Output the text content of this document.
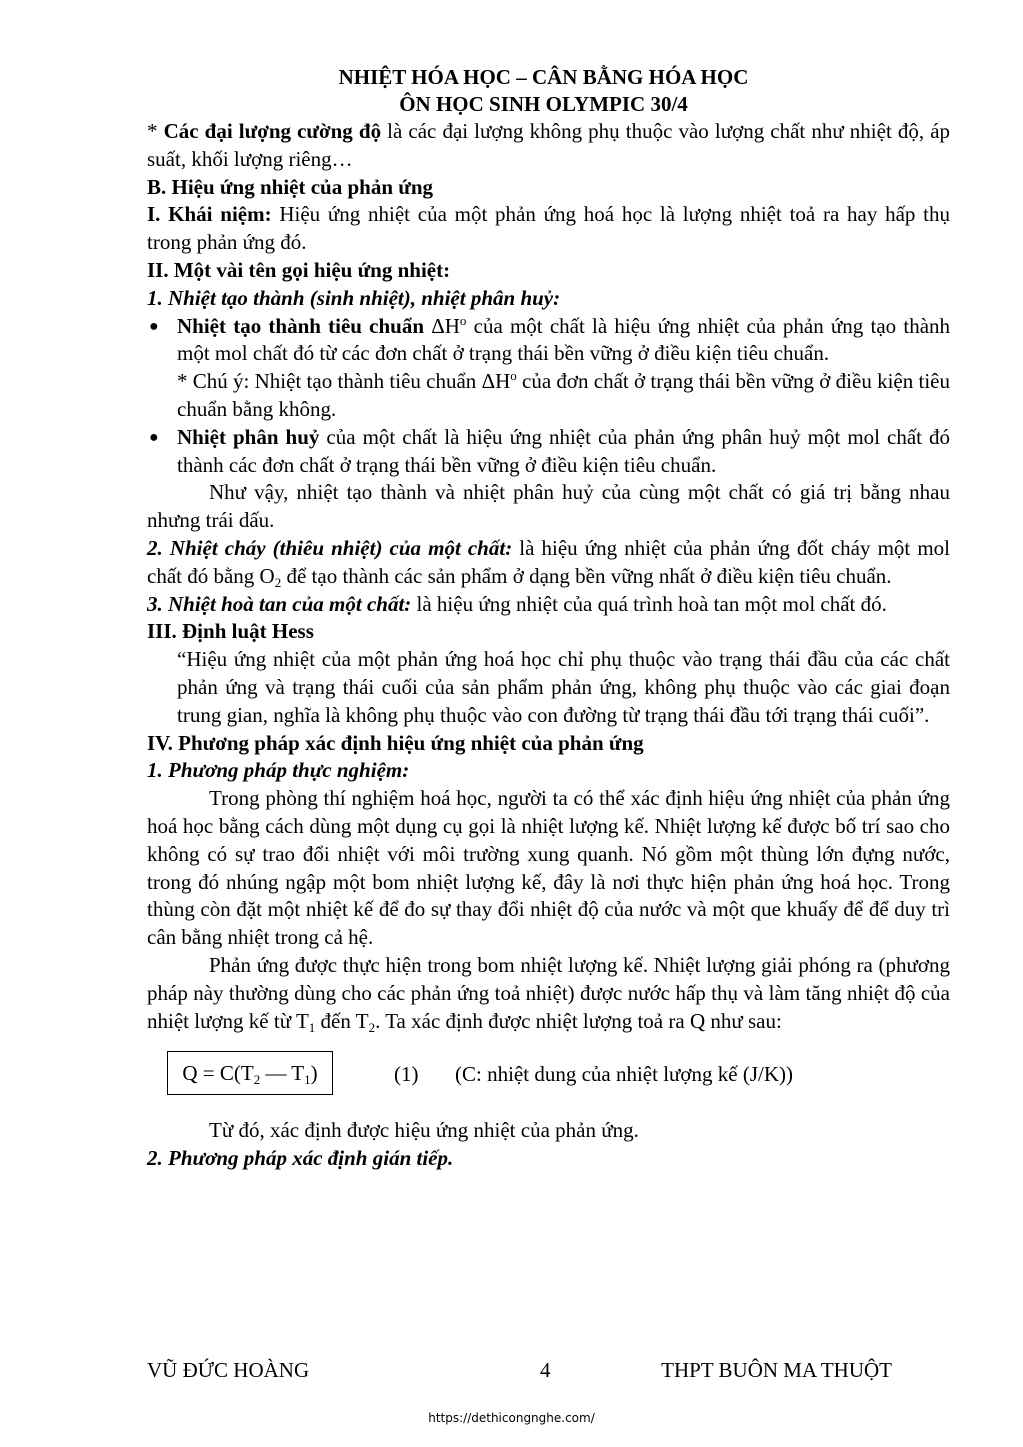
NHIỆT HÓA HỌC – CÂN BẰNG HÓA HỌC
ÔN HỌC SINH OLYMPIC 30/4

* Các đại lượng cường độ là các đại lượng không phụ thuộc vào lượng chất như nhiệt độ, áp suất, khối lượng riêng…

B. Hiệu ứng nhiệt của phản ứng

I. Khái niệm: Hiệu ứng nhiệt của một phản ứng hoá học là lượng nhiệt toả ra hay hấp thụ trong phản ứng đó.

II. Một vài tên gọi hiệu ứng nhiệt:

1. Nhiệt tạo thành (sinh nhiệt), nhiệt phân huỷ:

● Nhiệt tạo thành tiêu chuẩn $\Delta H^o$ của một chất là hiệu ứng nhiệt của phản ứng tạo thành một mol chất đó từ các đơn chất ở trạng thái bền vững ở điều kiện tiêu chuẩn.

* Chú ý: Nhiệt tạo thành tiêu chuẩn $\Delta H^o$ của đơn chất ở trạng thái bền vững ở điều kiện tiêu chuẩn bằng không.

● Nhiệt phân huỷ của một chất là hiệu ứng nhiệt của phản ứng phân huỷ một mol chất đó thành các đơn chất ở trạng thái bền vững ở điều kiện tiêu chuẩn.

Như vậy, nhiệt tạo thành và nhiệt phân huỷ của cùng một chất có giá trị bằng nhau nhưng trái dấu.

2. Nhiệt cháy (thiêu nhiệt) của một chất: là hiệu ứng nhiệt của phản ứng đốt cháy một mol chất đó bằng $O_2$ để tạo thành các sản phẩm ở dạng bền vững nhất ở điều kiện tiêu chuẩn.

3. Nhiệt hoà tan của một chất: là hiệu ứng nhiệt của quá trình hoà tan một mol chất đó.

III. Định luật Hess

“Hiệu ứng nhiệt của một phản ứng hoá học chỉ phụ thuộc vào trạng thái đầu của các chất phản ứng và trạng thái cuối của sản phẩm phản ứng, không phụ thuộc vào các giai đoạn trung gian, nghĩa là không phụ thuộc vào con đường từ trạng thái đầu tới trạng thái cuối”.

IV. Phương pháp xác định hiệu ứng nhiệt của phản ứng

1. Phương pháp thực nghiệm:

Trong phòng thí nghiệm hoá học, người ta có thể xác định hiệu ứng nhiệt của phản ứng hoá học bằng cách dùng một dụng cụ gọi là nhiệt lượng kế. Nhiệt lượng kế được bố trí sao cho không có sự trao đổi nhiệt với môi trường xung quanh. Nó gồm một thùng lớn đựng nước, trong đó nhúng ngập một bom nhiệt lượng kế, đây là nơi thực hiện phản ứng hoá học. Trong thùng còn đặt một nhiệt kế để đo sự thay đổi nhiệt độ của nước và một que khuấy để để duy trì cân bằng nhiệt trong cả hệ.

Phản ứng được thực hiện trong bom nhiệt lượng kế. Nhiệt lượng giải phóng ra (phương pháp này thường dùng cho các phản ứng toả nhiệt) được nước hấp thụ và làm tăng nhiệt độ của nhiệt lượng kế từ $T_1$ đến $T_2$. Ta xác định được nhiệt lượng toả ra Q như sau:

$Q = C(T_2$ — $T_1$)	(1) (C: nhiệt dung của nhiệt lượng kế (J/K))

Từ đó, xác định được hiệu ứng nhiệt của phản ứng.

2. Phương pháp xác định gián tiếp.

VŨ ĐỨC HOÀNG	4	THPT BUÔN MA THUỘT
https://dethicongnghe.com/
